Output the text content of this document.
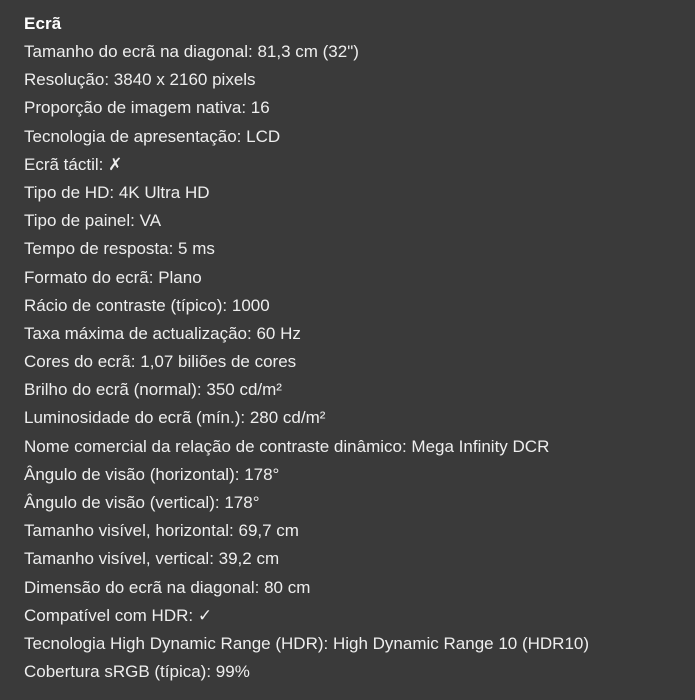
Ecrã
Tamanho do ecrã na diagonal: 81,3 cm (32")
Resolução: 3840 x 2160 pixels
Proporção de imagem nativa: 16
Tecnologia de apresentação: LCD
Ecrã táctil: ✗
Tipo de HD: 4K Ultra HD
Tipo de painel: VA
Tempo de resposta: 5 ms
Formato do ecrã: Plano
Rácio de contraste (típico): 1000
Taxa máxima de actualização: 60 Hz
Cores do ecrã: 1,07 biliões de cores
Brilho do ecrã (normal): 350 cd/m²
Luminosidade do ecrã (mín.): 280 cd/m²
Nome comercial da relação de contraste dinâmico: Mega Infinity DCR
Ângulo de visão (horizontal): 178°
Ângulo de visão (vertical): 178°
Tamanho visível, horizontal: 69,7 cm
Tamanho visível, vertical: 39,2 cm
Dimensão do ecrã na diagonal: 80 cm
Compatível com HDR: ✓
Tecnologia High Dynamic Range (HDR): High Dynamic Range 10 (HDR10)
Cobertura sRGB (típica): 99%
